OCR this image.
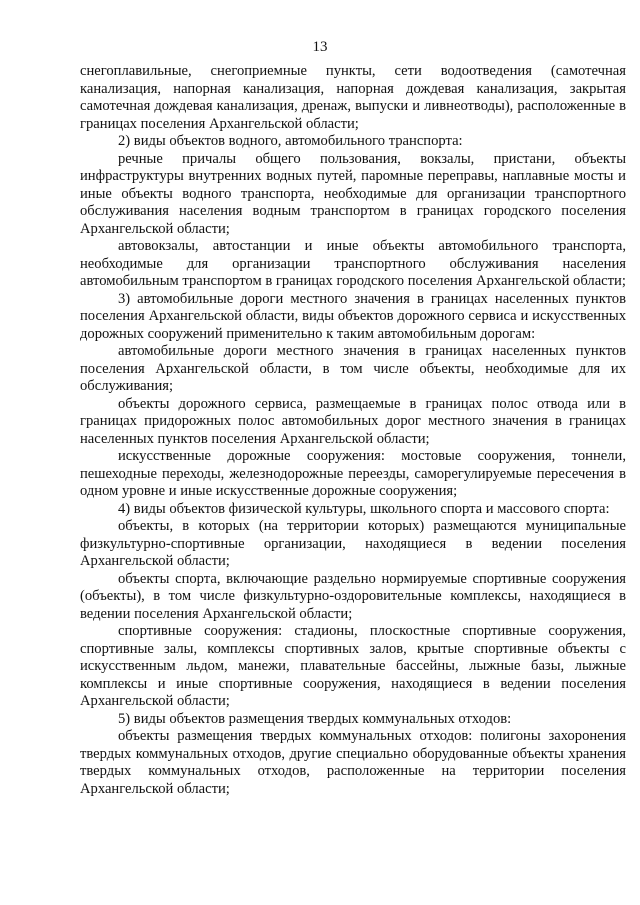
13

снегоплавильные, снегоприемные пункты, сети водоотведения (самотечная канализация, напорная канализация, напорная дождевая канализация, закрытая самотечная дождевая канализация, дренаж, выпуски и ливнеотводы), расположенные в границах поселения Архангельской области;

2) виды объектов водного, автомобильного транспорта:

речные причалы общего пользования, вокзалы, пристани, объекты инфраструктуры внутренних водных путей, паромные переправы, наплавные мосты и иные объекты водного транспорта, необходимые для организации транспортного обслуживания населения водным транспортом в границах городского поселения Архангельской области;

автовокзалы, автостанции и иные объекты автомобильного транспорта, необходимые для организации транспортного обслуживания населения автомобильным транспортом в границах городского поселения Архангельской области;

3) автомобильные дороги местного значения в границах населенных пунктов поселения Архангельской области, виды объектов дорожного сервиса и искусственных дорожных сооружений применительно к таким автомобильным дорогам:

автомобильные дороги местного значения в границах населенных пунктов поселения Архангельской области, в том числе объекты, необходимые для их обслуживания;

объекты дорожного сервиса, размещаемые в границах полос отвода или в границах придорожных полос автомобильных дорог местного значения в границах населенных пунктов поселения Архангельской области;

искусственные дорожные сооружения: мостовые сооружения, тоннели, пешеходные переходы, железнодорожные переезды, саморегулируемые пересечения в одном уровне и иные искусственные дорожные сооружения;

4) виды объектов физической культуры, школьного спорта и массового спорта:

объекты, в которых (на территории которых) размещаются муниципальные физкультурно-спортивные организации, находящиеся в ведении поселения Архангельской области;

объекты спорта, включающие раздельно нормируемые спортивные сооружения (объекты), в том числе физкультурно-оздоровительные комплексы, находящиеся в ведении поселения Архангельской области;

спортивные сооружения: стадионы, плоскостные спортивные сооружения, спортивные залы, комплексы спортивных залов, крытые спортивные объекты с искусственным льдом, манежи, плавательные бассейны, лыжные базы, лыжные комплексы и иные спортивные сооружения, находящиеся в ведении поселения Архангельской области;

5) виды объектов размещения твердых коммунальных отходов:

объекты размещения твердых коммунальных отходов: полигоны захоронения твердых коммунальных отходов, другие специально оборудованные объекты хранения твердых коммунальных отходов, расположенные на территории поселения Архангельской области;
